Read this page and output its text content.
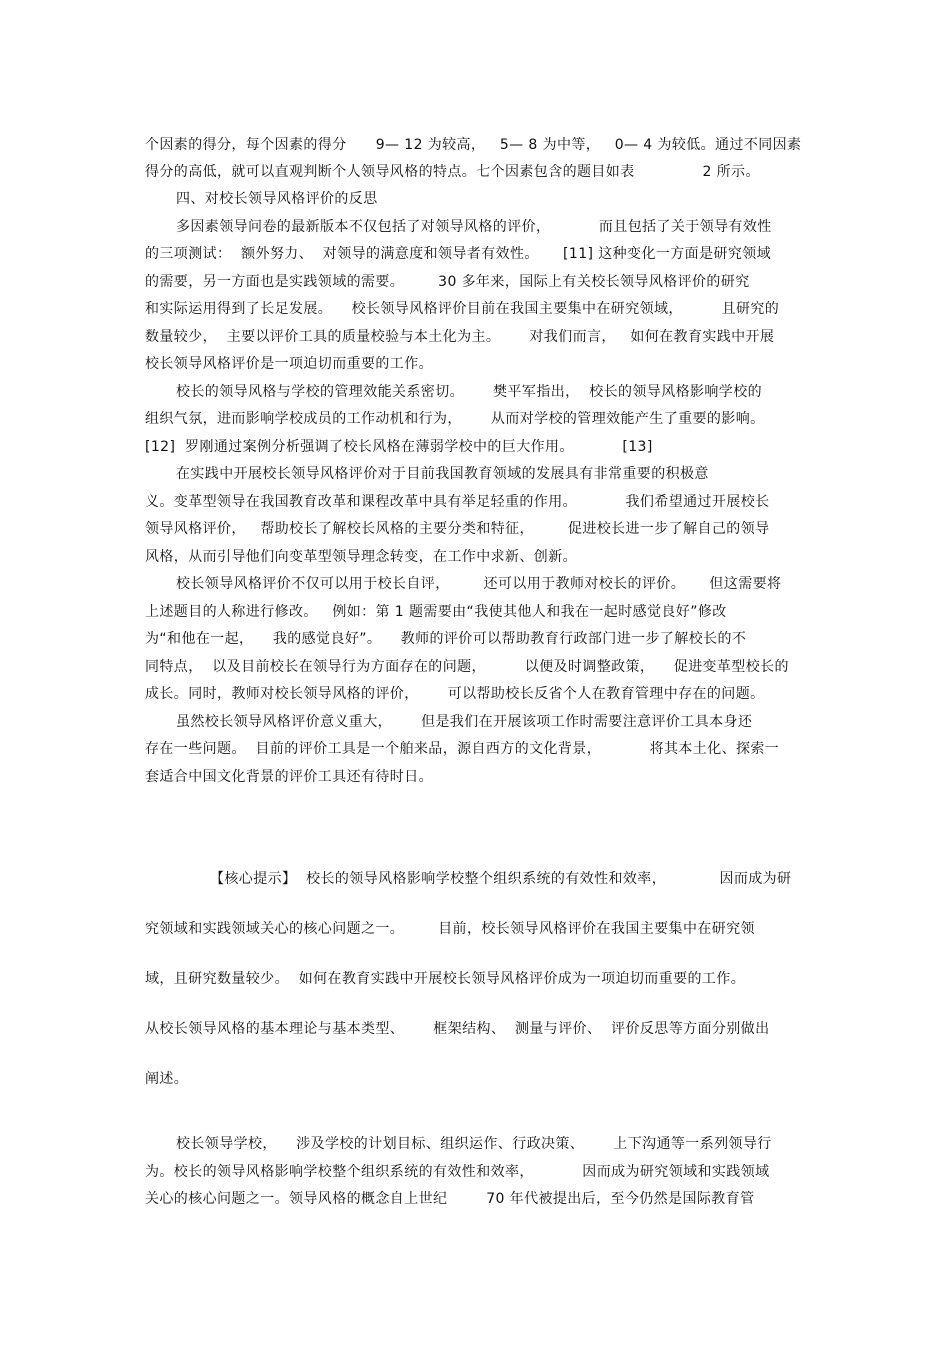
个因素的得分，每个因素的得分      9— 12 为较高，   5— 8 为中等，   0— 4 为较低。通过不同因素
得分的高低，就可以直观判断个人领导风格的特点。七个因素包含的题目如表              2 所示。
四、对校长领导风格评价的反思
多因素领导问卷的最新版本不仅包括了对领导风格的评价，          而且包括了关于领导有效性
的三项测试：  额外努力、  对领导的满意度和领导者有效性。     [11] 这种变化一方面是研究领域
的需要，另一方面也是实践领域的需要。       30 多年来，国际上有关校长领导风格评价的研究
和实际运用得到了长足发展。    校长领导风格评价目前在我国主要集中在研究领域，        且研究的
数量较少，  主要以评价工具的质量校验与本土化为主。      对我们而言，   如何在教育实践中开展
校长领导风格评价是一项迫切而重要的工作。
校长的领导风格与学校的管理效能关系密切。      樊平军指出，  校长的领导风格影响学校的
组织气氛，进而影响学校成员的工作动机和行为，      从而对学校的管理效能产生了重要的影响。
[12]  罗刚通过案例分析强调了校长风格在薄弱学校中的巨大作用。          [13]
在实践中开展校长领导风格评价对于目前我国教育领域的发展具有非常重要的积极意
义。变革型领导在我国教育改革和课程改革中具有举足轻重的作用。          我们希望通过开展校长
领导风格评价，   帮助校长了解校长风格的主要分类和特征，       促进校长进一步了解自己的领导
风格，从而引导他们向变革型领导理念转变，在工作中求新、创新。
校长领导风格评价不仅可以用于校长自评，       还可以用于教师对校长的评价。     但这需要将
上述题目的人称进行修改。   例如：第 1 题需要由“我使其他人和我在一起时感觉良好”修改
为“和他在一起，    我的感觉良好”。    教师的评价可以帮助教育行政部门进一步了解校长的不
同特点，  以及目前校长在领导行为方面存在的问题，        以便及时调整政策，    促进变革型校长的
成长。同时，教师对校长领导风格的评价，      可以帮助校长反省个人在教育管理中存在的问题。
虽然校长领导风格评价意义重大，      但是我们在开展该项工作时需要注意评价工具本身还
存在一些问题。  目前的评价工具是一个舶来品，源自西方的文化背景，          将其本土化、探索一
套适合中国文化背景的评价工具还有待时日。
【核心提示】  校长的领导风格影响学校整个组织系统的有效性和效率，           因而成为研
究领域和实践领域关心的核心问题之一。       目前，校长领导风格评价在我国主要集中在研究领
域，且研究数量较少。  如何在教育实践中开展校长领导风格评价成为一项迫切而重要的工作。
从校长领导风格的基本理论与基本类型、      框架结构、  测量与评价、  评价反思等方面分别做出
阐述。
校长领导学校，    涉及学校的计划目标、组织运作、行政决策、      上下沟通等一系列领导行
为。校长的领导风格影响学校整个组织系统的有效性和效率，          因而成为研究领域和实践领域
关心的核心问题之一。领导风格的概念自上世纪        70 年代被提出后，至今仍然是国际教育管
